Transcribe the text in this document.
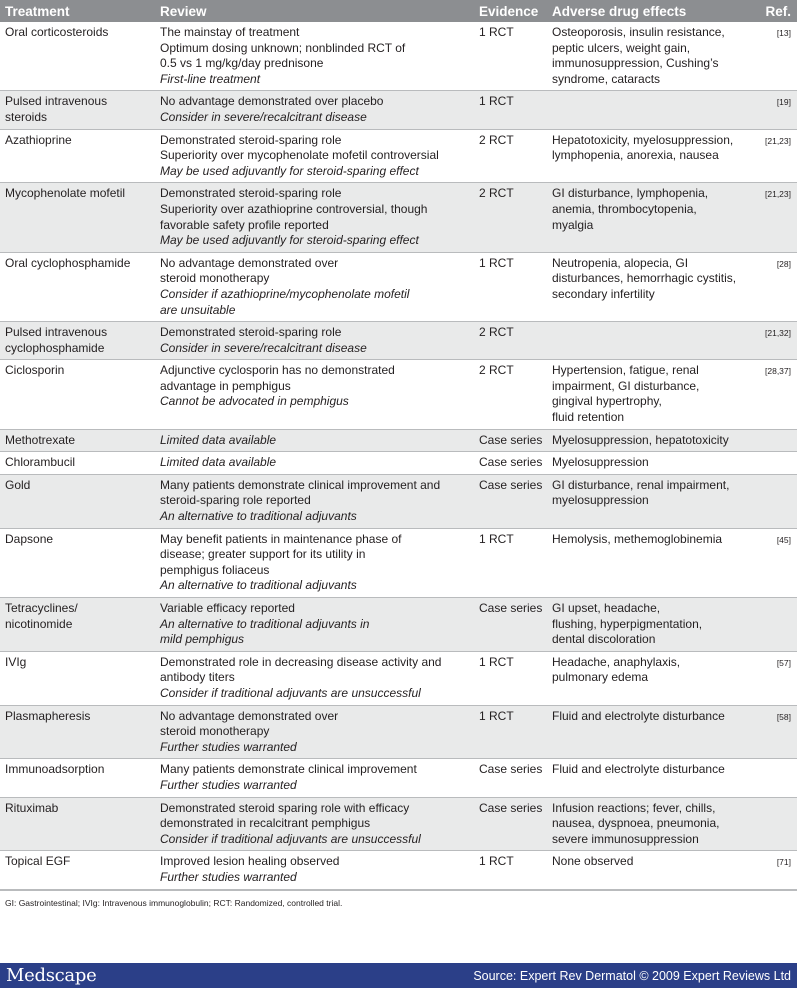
Treatment	Review	Evidence	Adverse drug effects	Ref.

Oral corticosteroids	The mainstay of treatment
Optimum dosing unknown; nonblinded RCT of
0.5 vs 1 mg/kg/day prednisone
First-line treatment	1 RCT	Osteoporosis, insulin resistance,
peptic ulcers, weight gain,
immunosuppression, Cushing’s
syndrome, cataracts	[13]

Pulsed intravenous
steroids	No advantage demonstrated over placebo
Consider in severe/recalcitrant disease	1 RCT		[19]

Azathioprine	Demonstrated steroid-sparing role
Superiority over mycophenolate mofetil controversial
May be used adjuvantly for steroid-sparing effect	2 RCT	Hepatotoxicity, myelosuppression,
lymphopenia, anorexia, nausea	[21,23]

Mycophenolate mofetil	Demonstrated steroid-sparing role
Superiority over azathioprine controversial, though
favorable safety profile reported
May be used adjuvantly for steroid-sparing effect	2 RCT	GI disturbance, lymphopenia,
anemia, thrombocytopenia,
myalgia	[21,23]

Oral cyclophosphamide	No advantage demonstrated over
steroid monotherapy
Consider if azathioprine/mycophenolate mofetil
are unsuitable	1 RCT	Neutropenia, alopecia, GI
disturbances, hemorrhagic cystitis,
secondary infertility	[28]

Pulsed intravenous
cyclophosphamide	Demonstrated steroid-sparing role
Consider in severe/recalcitrant disease	2 RCT		[21,32]

Ciclosporin	Adjunctive cyclosporin has no demonstrated
advantage in pemphigus
Cannot be advocated in pemphigus	2 RCT	Hypertension, fatigue, renal
impairment, GI disturbance,
gingival hypertrophy,
fluid retention	[28,37]

Methotrexate	Limited data available	Case series	Myelosuppression, hepatotoxicity	

Chlorambucil	Limited data available	Case series	Myelosuppression	

Gold	Many patients demonstrate clinical improvement and
steroid-sparing role reported
An alternative to traditional adjuvants	Case series	GI disturbance, renal impairment,
myelosuppression	

Dapsone	May benefit patients in maintenance phase of
disease; greater support for its utility in
pemphigus foliaceus
An alternative to traditional adjuvants	1 RCT	Hemolysis, methemoglobinemia	[45]

Tetracyclines/
nicotinomide	Variable efficacy reported
An alternative to traditional adjuvants in
mild pemphigus	Case series	GI upset, headache,
flushing, hyperpigmentation,
dental discoloration	

IVIg	Demonstrated role in decreasing disease activity and
antibody titers
Consider if traditional adjuvants are unsuccessful	1 RCT	Headache, anaphylaxis,
pulmonary edema	[57]

Plasmapheresis	No advantage demonstrated over
steroid monotherapy
Further studies warranted	1 RCT	Fluid and electrolyte disturbance	[58]

Immunoadsorption	Many patients demonstrate clinical improvement
Further studies warranted	Case series	Fluid and electrolyte disturbance	

Rituximab	Demonstrated steroid sparing role with efficacy
demonstrated in recalcitrant pemphigus
Consider if traditional adjuvants are unsuccessful	Case series	Infusion reactions; fever, chills,
nausea, dyspnoea, pneumonia,
severe immunosuppression	

Topical EGF	Improved lesion healing observed
Further studies warranted	1 RCT	None observed	[71]
GI: Gastrointestinal; IVIg: Intravenous immunoglobulin; RCT: Randomized, controlled trial.
Medscape	Source: Expert Rev Dermatol © 2009 Expert Reviews Ltd
